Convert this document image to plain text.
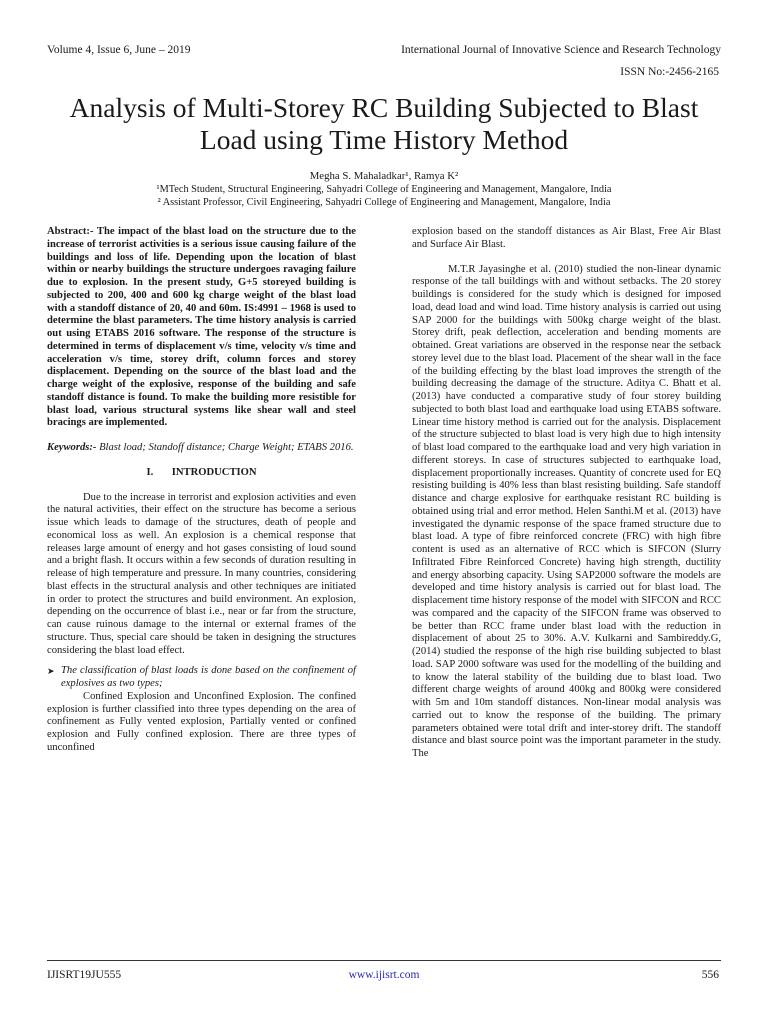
Volume 4, Issue 6, June – 2019	International Journal of Innovative Science and Research Technology
ISSN No:-2456-2165
Analysis of Multi-Storey RC Building Subjected to Blast Load using Time History Method
Megha S. Mahaladkar¹, Ramya K²
¹MTech Student, Structural Engineering, Sahyadri College of Engineering and Management, Mangalore, India
² Assistant Professor, Civil Engineering, Sahyadri College of Engineering and Management, Mangalore, India
Abstract:- The impact of the blast load on the structure due to the increase of terrorist activities is a serious issue causing failure of the buildings and loss of life. Depending upon the location of blast within or nearby buildings the structure undergoes ravaging failure due to explosion. In the present study, G+5 storeyed building is subjected to 200, 400 and 600 kg charge weight of the blast load with a standoff distance of 20, 40 and 60m. IS:4991 – 1968 is used to determine the blast parameters. The time history analysis is carried out using ETABS 2016 software. The response of the structure is determined in terms of displacement v/s time, velocity v/s time and acceleration v/s time, storey drift, column forces and storey displacement. Depending on the source of the blast load and the charge weight of the explosive, response of the building and safe standoff distance is found. To make the building more resistible for blast load, various structural systems like shear wall and steel bracings are implemented.
Keywords:- Blast load; Standoff distance; Charge Weight; ETABS 2016.
I.       INTRODUCTION

Due to the increase in terrorist and explosion activities and even the natural activities, their effect on the structure has become a serious issue which leads to damage of the structures, death of people and economical loss as well. An explosion is a chemical response that releases large amount of energy and hot gases consisting of loud sound and a bright flash. It occurs within a few seconds of duration resulting in release of high temperature and pressure. In many countries, considering blast effects in the structural analysis and other techniques are initiated in order to protect the structures and build environment. An explosion, depending on the occurrence of blast i.e., near or far from the structure, can cause ruinous damage to the internal or external frames of the structure. Thus, special care should be taken in designing the structures considering the blast load effect.

➤ The classification of blast loads is done based on the confinement of explosives as two types;

Confined Explosion and Unconfined Explosion. The confined explosion is further classified into three types depending on the area of confinement as Fully vented explosion, Partially vented or confined explosion and Fully confined explosion. There are three types of unconfined

explosion based on the standoff distances as Air Blast, Free Air Blast and Surface Air Blast.

M.T.R Jayasinghe et al. (2010) studied the non-linear dynamic response of the tall buildings with and without setbacks. The 20 storey buildings is considered for the study which is designed for imposed load, dead load and wind load. Time history analysis is carried out using SAP 2000 for the buildings with 500kg charge weight of the blast. Storey drift, peak deflection, acceleration and bending moments are obtained. Great variations are observed in the response near the setback storey level due to the blast load. Placement of the shear wall in the face of the building effecting by the blast load improves the strength of the building decreasing the damage of the structure. Aditya C. Bhatt et al. (2013) have conducted a comparative study of four storey building subjected to both blast load and earthquake load using ETABS software. Linear time history method is carried out for the analysis. Displacement of the structure subjected to blast load is very high due to high intensity of blast load compared to the earthquake load and very high variation in different storeys. In case of structures subjected to earthquake load, displacement proportionally increases. Quantity of concrete used for EQ resisting building is 40% less than blast resisting building. Safe standoff distance and charge explosive for earthquake resistant RC building is obtained using trial and error method. Helen Santhi.M et al. (2013) have investigated the dynamic response of the space framed structure due to blast load. A type of fibre reinforced concrete (FRC) with high fibre content is used as an alternative of RCC which is SIFCON (Slurry Infiltrated Fibre Reinforced Concrete) having high strength, ductility and energy absorbing capacity. Using SAP2000 software the models are developed and time history analysis is carried out for blast load. The displacement time history response of the model with SIFCON and RCC was compared and the capacity of the SIFCON frame was observed to be better than RCC frame under blast load with the reduction in displacement of about 25 to 30%. A.V. Kulkarni and Sambireddy.G, (2014) studied the response of the high rise building subjected to blast load. SAP 2000 software was used for the modelling of the building and to know the lateral stability of the building due to blast load. Two different charge weights of around 400kg and 800kg were considered with 5m and 10m standoff distances. Non-linear modal analysis was carried out to know the response of the building. The primary parameters obtained were total drift and inter-storey drift. The standoff distance and blast source point was the important parameter in the study. The

IJISRT19JU555	www.ijisrt.com	556
